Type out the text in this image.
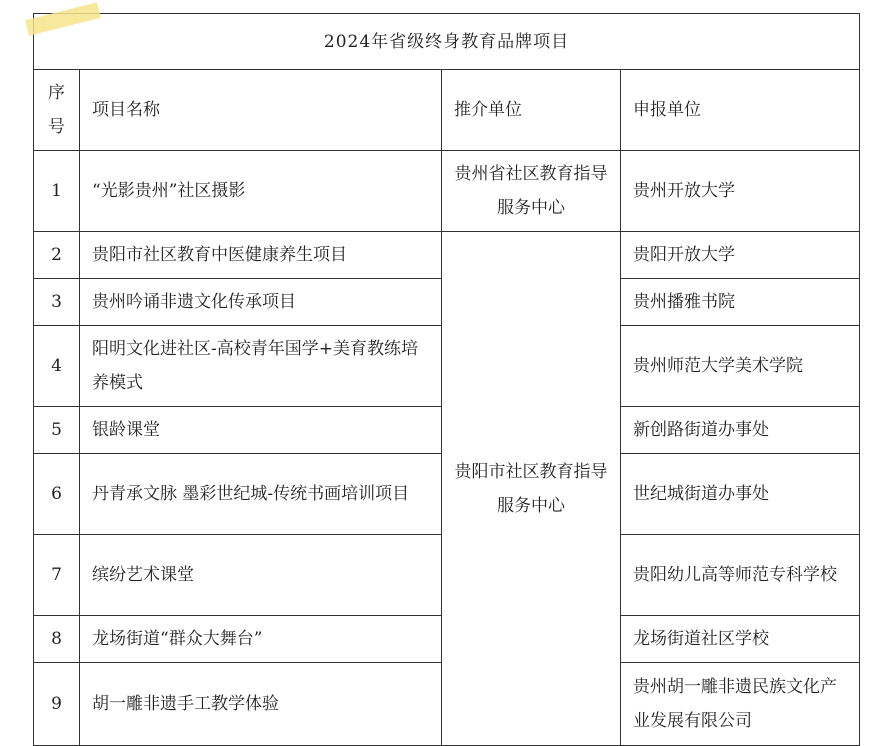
2024年省级终身教育品牌项目			
序号	项目名称	推介单位	申报单位
1	“光影贵州”社区摄影	贵州省社区教育指导服务中心	贵州开放大学
2	贵阳市社区教育中医健康养生项目	贵阳市社区教育指导服务中心	贵阳开放大学
3	贵州吟诵非遗文化传承项目		贵州播雅书院
4	阳明文化进社区-高校青年国学+美育教练培养模式		贵州师范大学美术学院
5	银龄课堂		新创路街道办事处
6	丹青承文脉 墨彩世纪城-传统书画培训项目		世纪城街道办事处
7	缤纷艺术课堂		贵阳幼儿高等师范专科学校
8	龙场街道“群众大舞台”		龙场街道社区学校
9	胡一雕非遗手工教学体验		贵州胡一雕非遗民族文化产业发展有限公司
